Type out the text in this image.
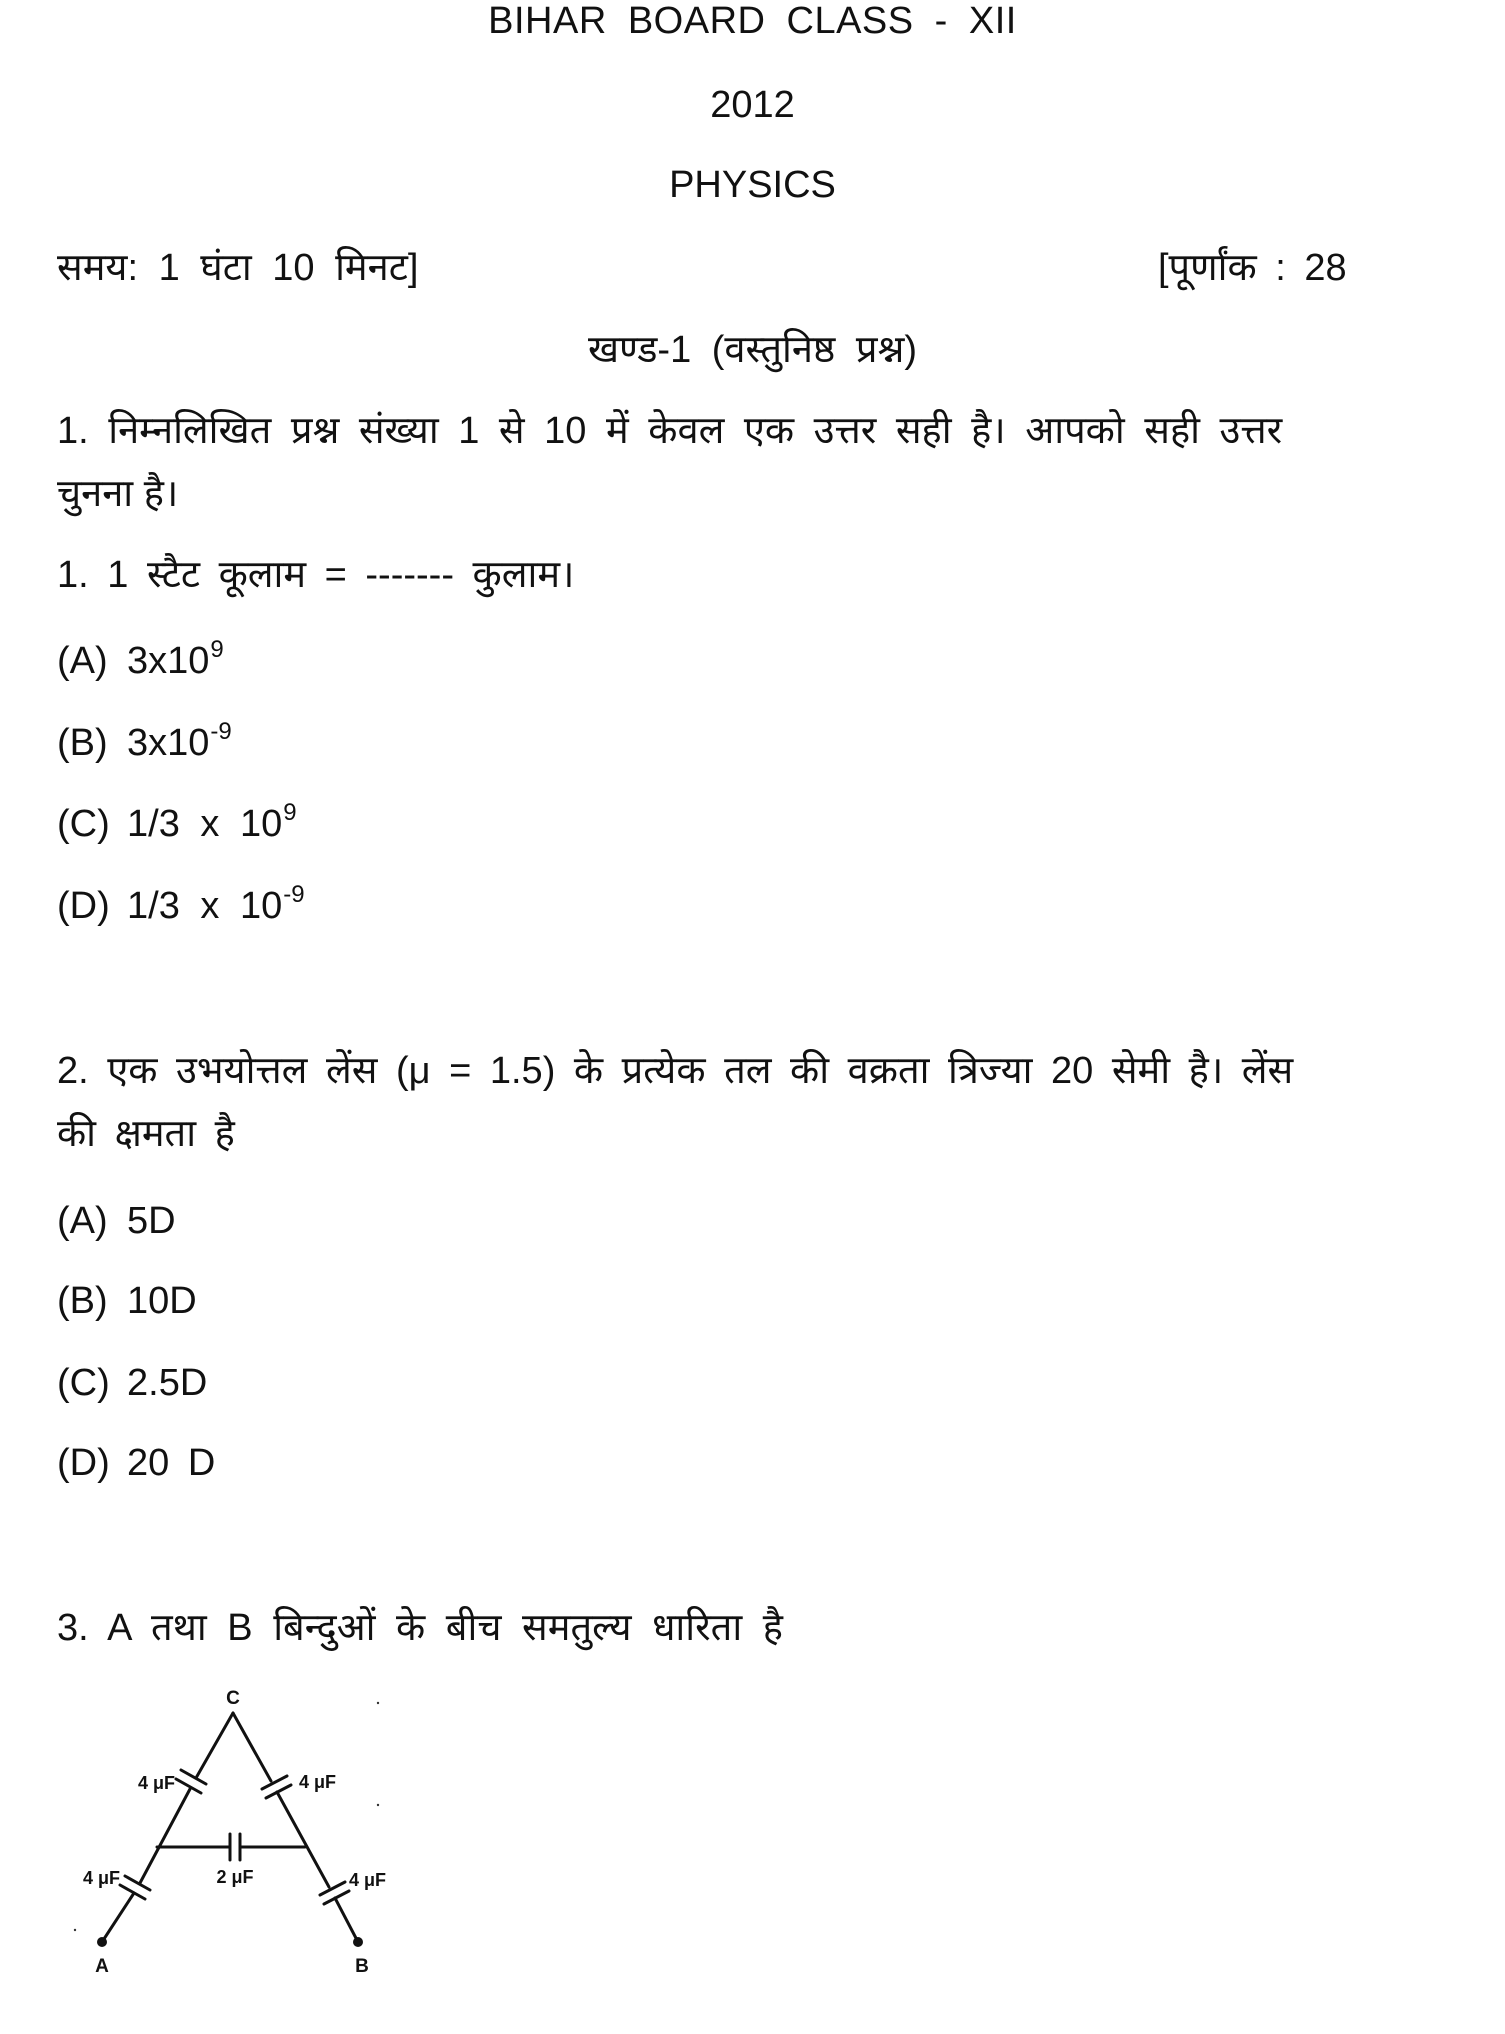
BIHAR BOARD CLASS - XII
2012
PHYSICS
समय: 1 घंटा 10 मिनट]	[पूर्णांक : 28
खण्ड-1 (वस्तुनिष्ठ प्रश्न)
1. निम्नलिखित प्रश्न संख्या 1 से 10 में केवल एक उत्तर सही है। आपको सही उत्तर
चुनना है।
1. 1 स्टैट कूलाम = ------- कुलाम।
(A) $3x10^9$
(B) $3x10^{-9}$
(C) 1/3 x $10^9$
(D) 1/3 x $10^{-9}$
2. एक उभयोत्तल लेंस (μ = 1.5) के प्रत्येक तल की वक्रता त्रिज्या 20 सेमी है। लेंस
की क्षमता है
(A) 5D
(B) 10D
(C) 2.5D
(D) 20 D
3. A तथा B बिन्दुओं के बीच समतुल्य धारिता है
C
A	B
4 μF	4 μF
4 μF	4 μF
2 μF
